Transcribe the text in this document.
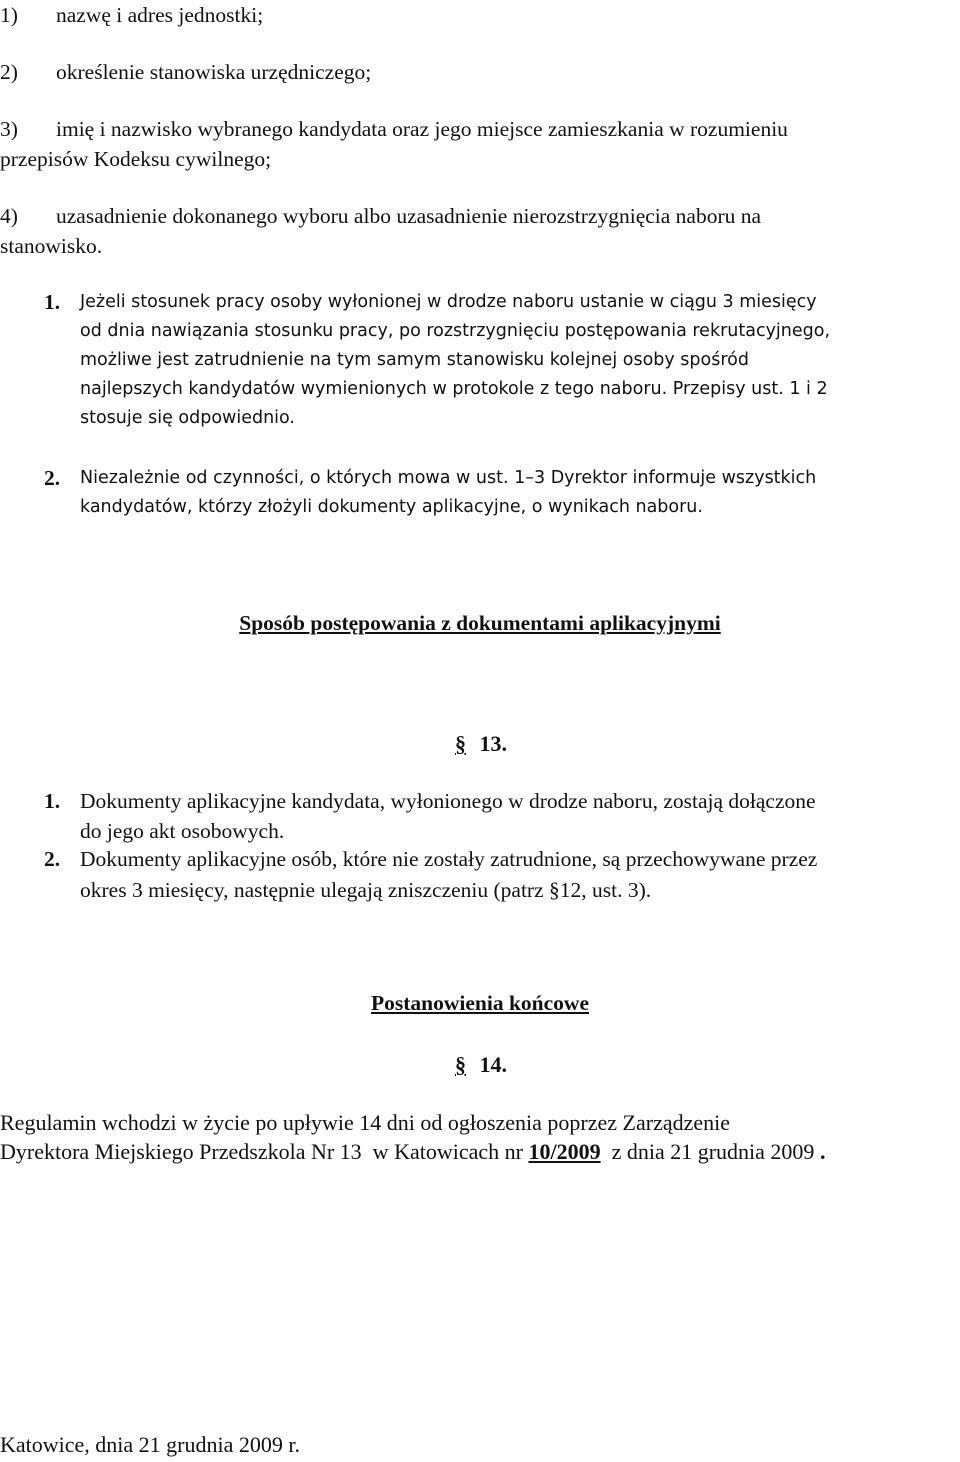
1)	nazwę i adres jednostki;
2)	określenie stanowiska urzędniczego;
3)	imię i nazwisko wybranego kandydata oraz jego miejsce zamieszkania w rozumieniu
przepisów Kodeksu cywilnego;
4)	uzasadnienie dokonanego wyboru albo uzasadnienie nierozstrzygnięcia naboru na
stanowisko.
1. Jeżeli stosunek pracy osoby wyłonionej w drodze naboru ustanie w ciągu 3 miesięcy
od dnia nawiązania stosunku pracy, po rozstrzygnięciu postępowania rekrutacyjnego,
możliwe jest zatrudnienie na tym samym stanowisku kolejnej osoby spośród
najlepszych kandydatów wymienionych w protokole z tego naboru. Przepisy ust. 1 i 2
stosuje się odpowiednio.
2. Niezależnie od czynności, o których mowa w ust. 1–3 Dyrektor informuje wszystkich
kandydatów, którzy złożyli dokumenty aplikacyjne, o wynikach naboru.
Sposób postępowania z dokumentami aplikacyjnymi
§ 13.
1. Dokumenty aplikacyjne kandydata, wyłonionego w drodze naboru, zostają dołączone
do jego akt osobowych.
2. Dokumenty aplikacyjne osób, które nie zostały zatrudnione, są przechowywane przez
okres 3 miesięcy, następnie ulegają zniszczeniu (patrz §12, ust. 3).
Postanowienia końcowe
§ 14.
Regulamin wchodzi w życie po upływie 14 dni od ogłoszenia poprzez Zarządzenie
Dyrektora Miejskiego Przedszkola Nr 13  w Katowicach nr 10/2009  z dnia 21 grudnia 2009 .
Katowice, dnia 21 grudnia 2009 r.
